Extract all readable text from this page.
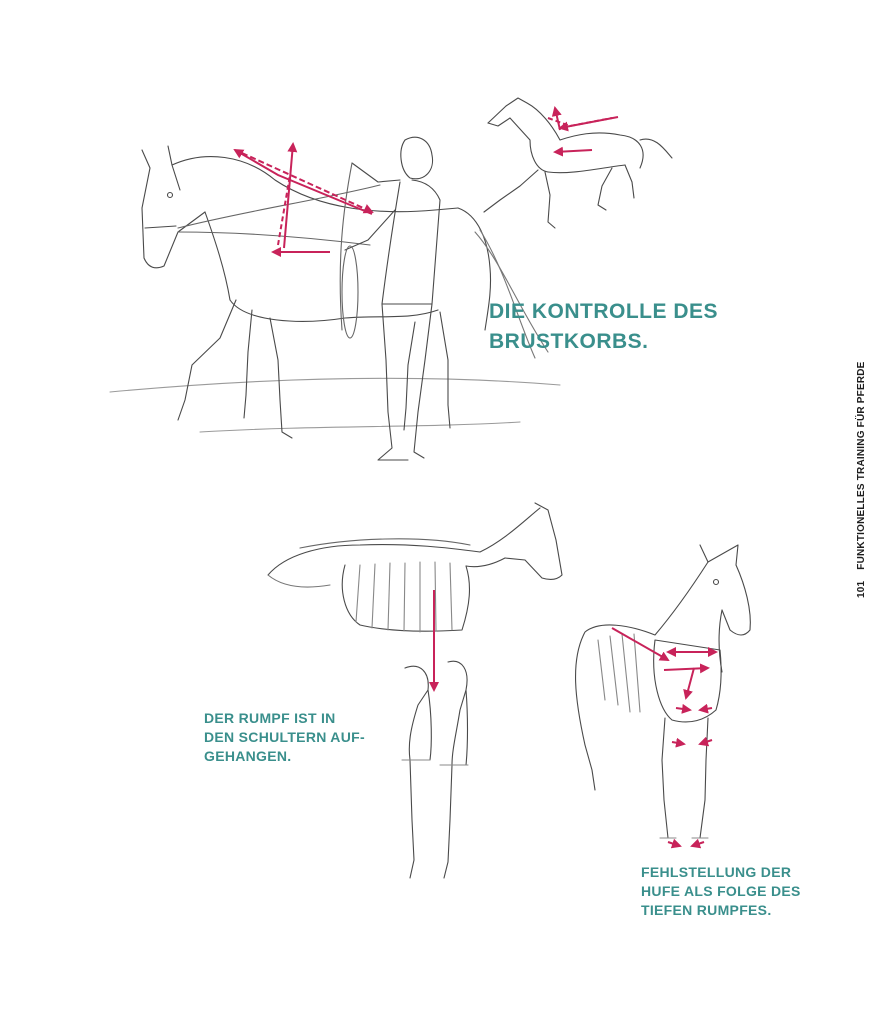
DIE KONTROLLE DES
BRUSTKORBS.
DER RUMPF IST IN
DEN SCHULTERN AUF-
GEHANGEN.
FEHLSTELLUNG DER
HUFE ALS FOLGE DES
TIEFEN RUMPFES.
101 FUNKTIONELLES TRAINING FÜR PFERDE
